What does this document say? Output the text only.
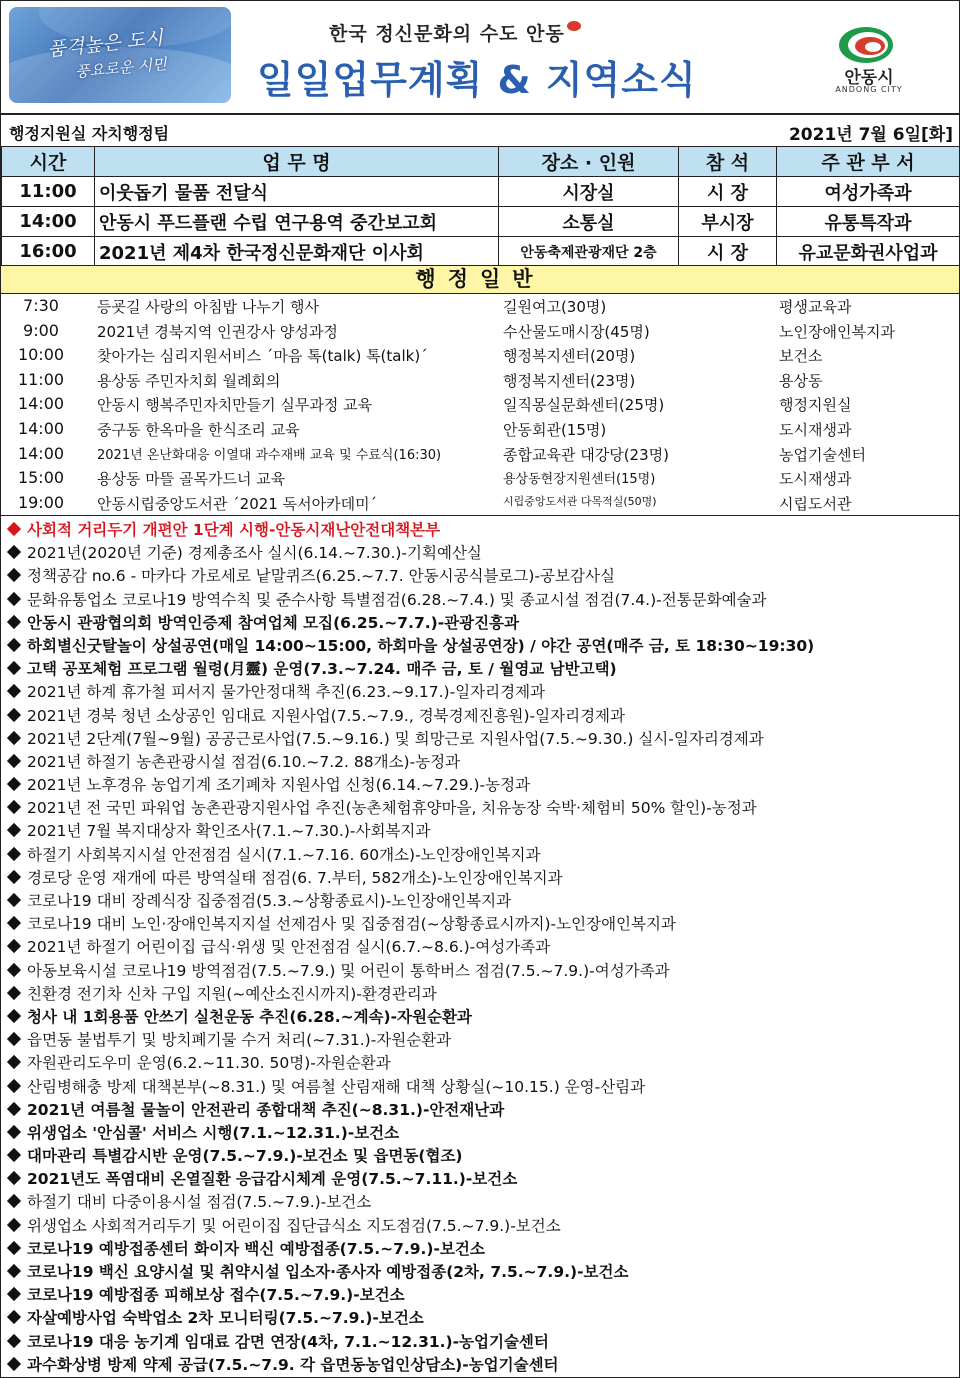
품격높은 도시
풍요로운 시민
한국 정신문화의 수도 안동
일일업무계획 & 지역소식	안동시
ANDONG CITY
행정지원실 자치행정팀	2021년 7월 6일[화]
시간	업 무 명	장소 · 인원	참 석	주 관 부 서
11:00	이웃돕기 물품 전달식	시장실	시 장	여성가족과
14:00	안동시 푸드플랜 수립 연구용역 중간보고회	소통실	부시장	유통특작과
16:00	2021년 제4차 한국정신문화재단 이사회	안동축제관광재단 2층	시 장	유교문화권사업과
행정일반
7:30	등굣길 사랑의 아침밥 나누기 행사	길원여고(30명)	평생교육과
9:00	2021년 경북지역 인권강사 양성과정	수산물도매시장(45명)	노인장애인복지과
10:00	찾아가는 심리지원서비스 ´마음 톡(talk) 톡(talk)´	행정복지센터(20명)	보건소
11:00	용상동 주민자치회 월례회의	행정복지센터(23명)	용상동
14:00	안동시 행복주민자치만들기 실무과정 교육	일직몽실문화센터(25명)	행정지원실
14:00	중구동 한옥마을 한식조리 교육	안동회관(15명)	도시재생과
14:00	2021년 온난화대응 이열대 과수재배 교육 및 수료식(16:30)	종합교육관 대강당(23명)	농업기술센터
15:00	용상동 마뜰 골목가드너 교육	용상동현장지원센터(15명)	도시재생과
19:00	안동시립중앙도서관 ´2021 독서아카데미´	시립중앙도서관 다목적실(50명)	시립도서관
사회적 거리두기 개편안 1단계 시행-안동시재난안전대책본부
2021년(2020년 기준) 경제총조사 실시(6.14.~7.30.)-기획예산실
정책공감 no.6 - 마카다 가로세로 낱말퀴즈(6.25.~7.7. 안동시공식블로그)-공보감사실
문화유통업소 코로나19 방역수칙 및 준수사항 특별점검(6.28.~7.4.) 및 종교시설 점검(7.4.)-전통문화예술과
안동시 관광협의회 방역인증제 참여업체 모집(6.25.~7.7.)-관광진흥과
하회별신굿탈놀이 상설공연(매일 14:00~15:00, 하회마을 상설공연장) / 야간 공연(매주 금, 토 18:30~19:30)
고택 공포체험 프로그램 월령(月靈) 운영(7.3.~7.24. 매주 금, 토 / 월영교 남반고택)
2021년 하계 휴가철 피서지 물가안정대책 추진(6.23.~9.17.)-일자리경제과
2021년 경북 청년 소상공인 임대료 지원사업(7.5.~7.9., 경북경제진흥원)-일자리경제과
2021년 2단계(7월~9월) 공공근로사업(7.5.~9.16.) 및 희망근로 지원사업(7.5.~9.30.) 실시-일자리경제과
2021년 하절기 농촌관광시설 점검(6.10.~7.2. 88개소)-농정과
2021년 노후경유 농업기계 조기폐차 지원사업 신청(6.14.~7.29.)-농정과
2021년 전 국민 파워업 농촌관광지원사업 추진(농촌체험휴양마을, 치유농장 숙박·체험비 50% 할인)-농정과
2021년 7월 복지대상자 확인조사(7.1.~7.30.)-사회복지과
하절기 사회복지시설 안전점검 실시(7.1.~7.16. 60개소)-노인장애인복지과
경로당 운영 재개에 따른 방역실태 점검(6. 7.부터, 582개소)-노인장애인복지과
코로나19 대비 장례식장 집중점검(5.3.~상황종료시)-노인장애인복지과
코로나19 대비 노인·장애인복지지설 선제검사 및 집중점검(~상황종료시까지)-노인장애인복지과
2021년 하절기 어린이집 급식·위생 및 안전점검 실시(6.7.~8.6.)-여성가족과
아동보육시설 코로나19 방역점검(7.5.~7.9.) 및 어린이 통학버스 점검(7.5.~7.9.)-여성가족과
친환경 전기차 신차 구입 지원(~예산소진시까지)-환경관리과
청사 내 1회용품 안쓰기 실천운동 추진(6.28.~계속)-자원순환과
읍면동 불법투기 및 방치폐기물 수거 처리(~7.31.)-자원순환과
자원관리도우미 운영(6.2.~11.30. 50명)-자원순환과
산림병해충 방제 대책본부(~8.31.) 및 여름철 산림재해 대책 상황실(~10.15.) 운영-산림과
2021년 여름철 물놀이 안전관리 종합대책 추진(~8.31.)-안전재난과
위생업소 '안심콜' 서비스 시행(7.1.~12.31.)-보건소
대마관리 특별감시반 운영(7.5.~7.9.)-보건소 및 읍면동(협조)
2021년도 폭염대비 온열질환 응급감시체계 운영(7.5.~7.11.)-보건소
하절기 대비 다중이용시설 점검(7.5.~7.9.)-보건소
위생업소 사회적거리두기 및 어린이집 집단급식소 지도점검(7.5.~7.9.)-보건소
코로나19 예방접종센터 화이자 백신 예방접종(7.5.~7.9.)-보건소
코로나19 백신 요양시설 및 취약시설 입소자·종사자 예방접종(2차, 7.5.~7.9.)-보건소
코로나19 예방접종 피해보상 접수(7.5.~7.9.)-보건소
자살예방사업 숙박업소 2차 모니터링(7.5.~7.9.)-보건소
코로나19 대응 농기계 임대료 감면 연장(4차, 7.1.~12.31.)-농업기술센터
과수화상병 방제 약제 공급(7.5.~7.9. 각 읍면동농업인상담소)-농업기술센터
